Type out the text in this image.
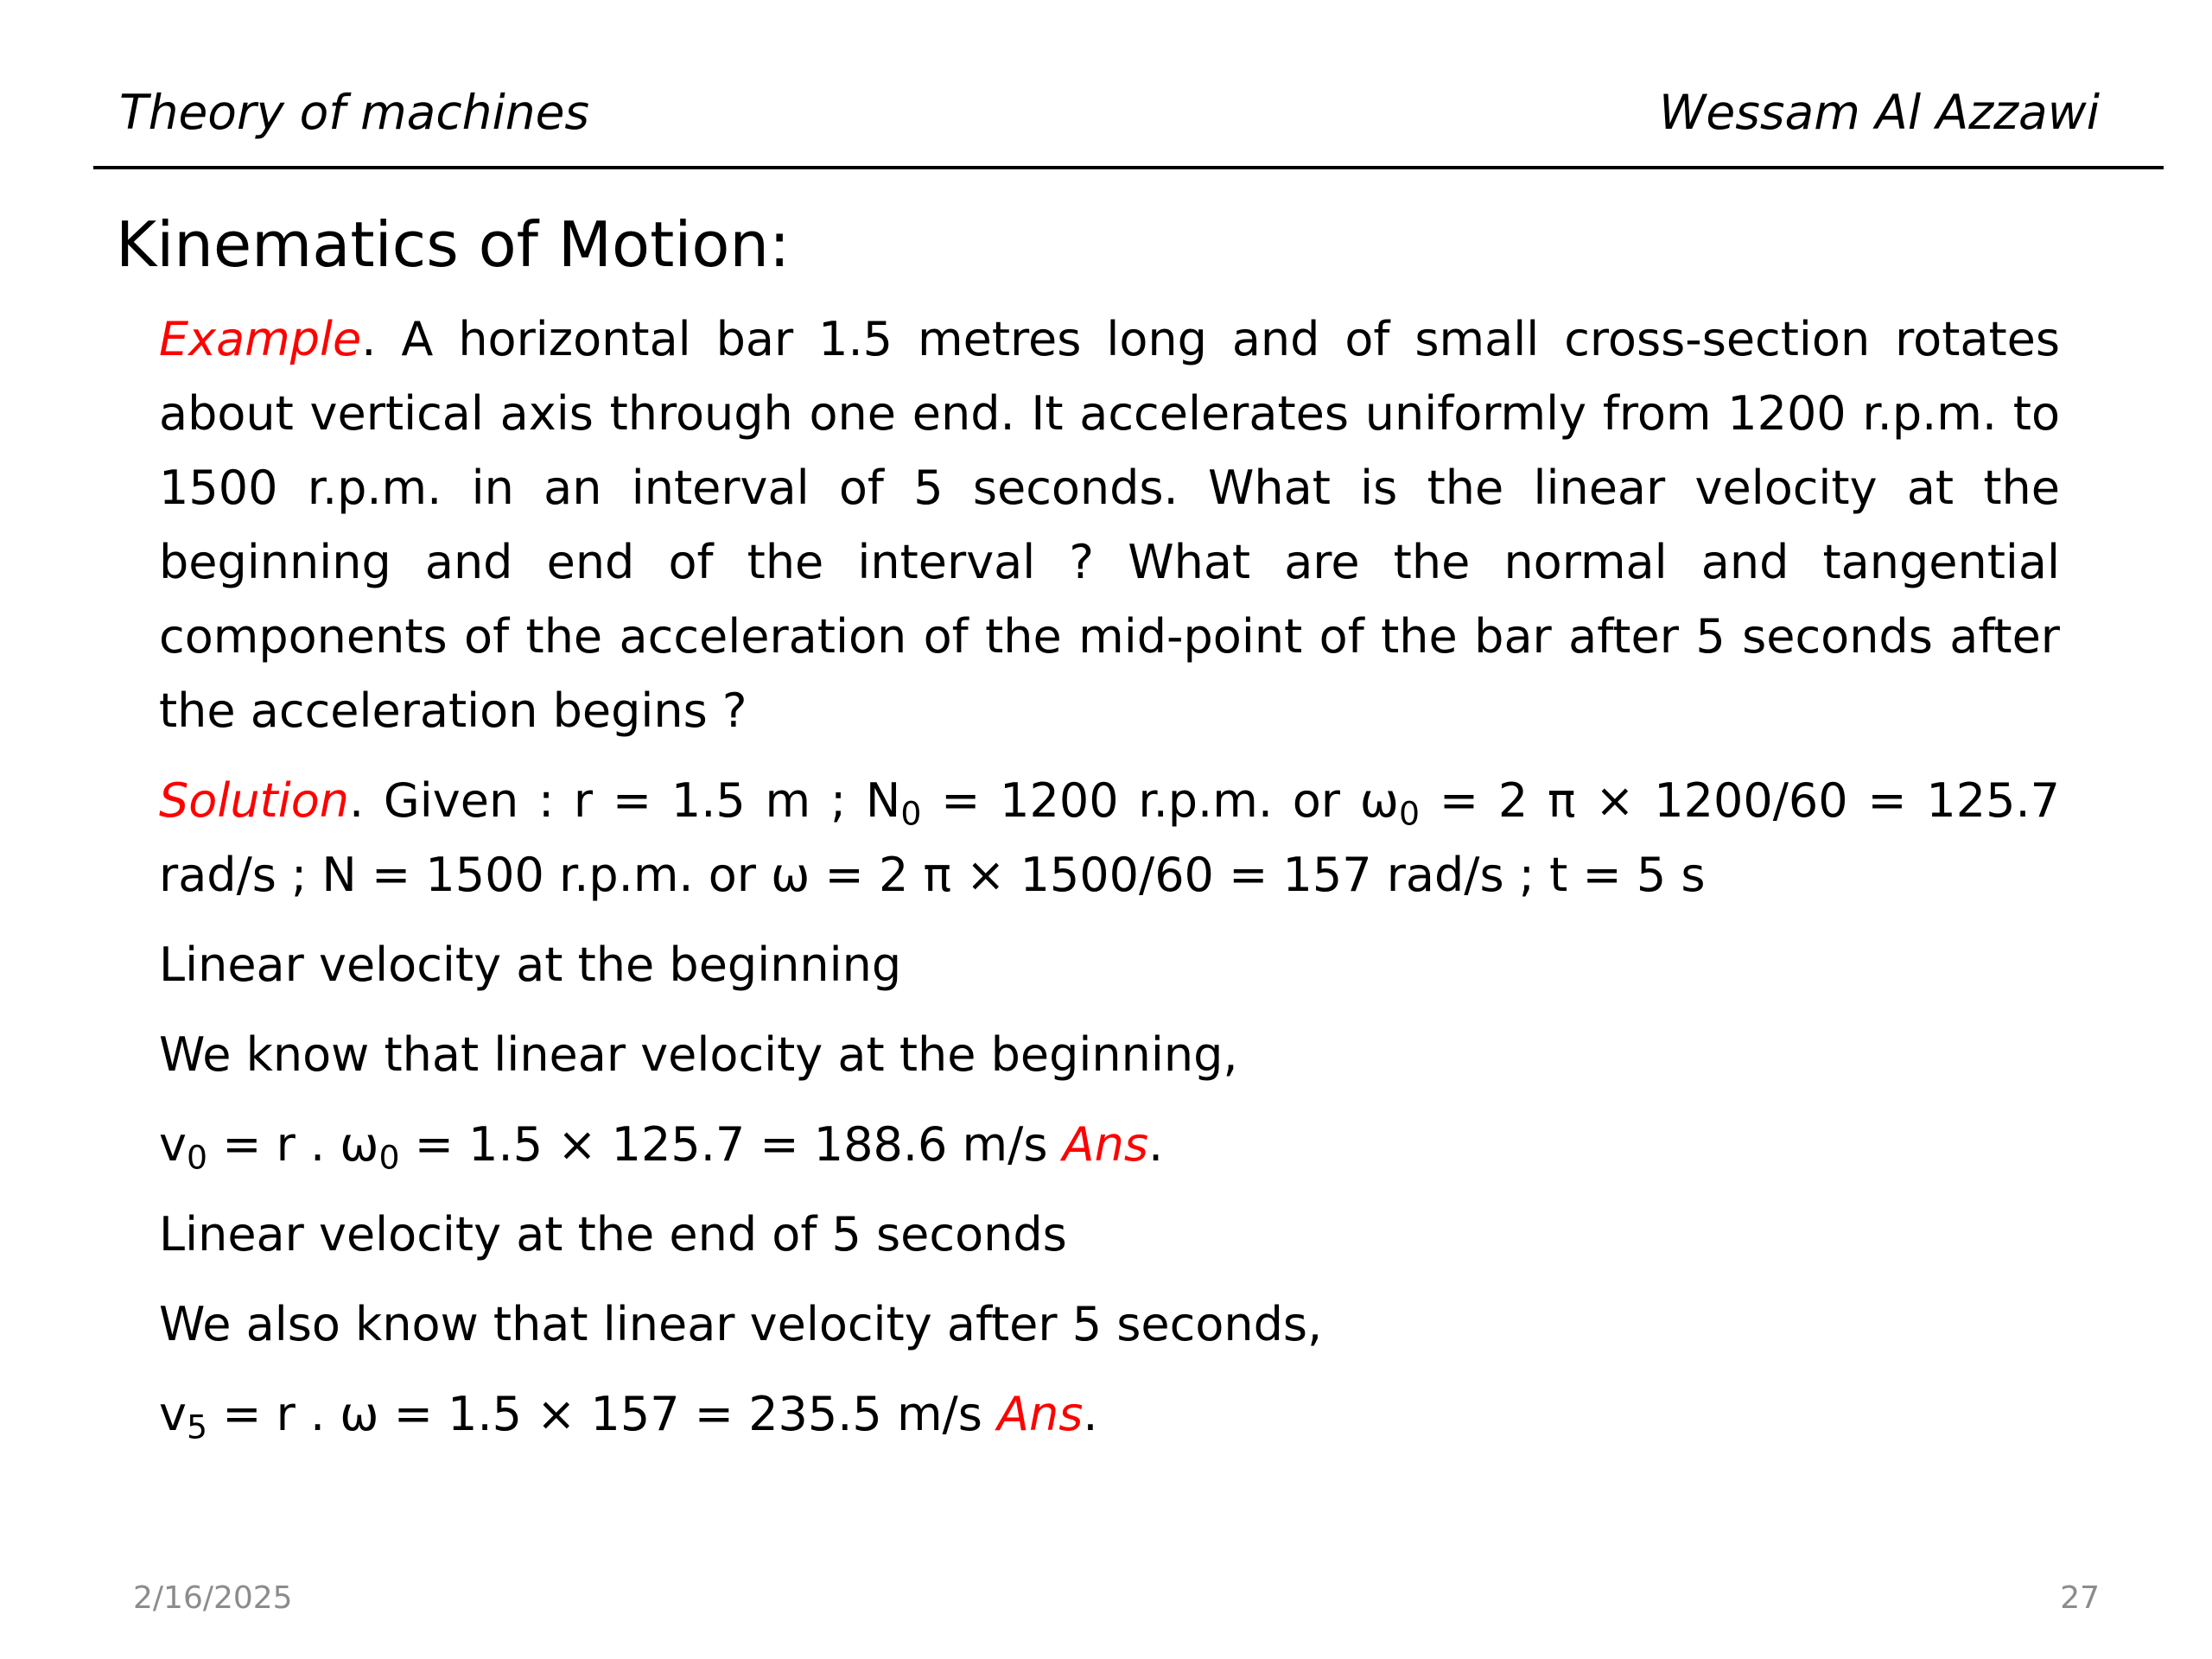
Theory of machines	Wessam Al Azzawi
Kinematics of Motion:

Example. A horizontal bar 1.5 metres long and of small cross-section rotates about vertical axis through one end. It accelerates uniformly from 1200 r.p.m. to 1500 r.p.m. in an interval of 5 seconds. What is the linear velocity at the beginning and end of the interval ? What are the normal and tangential components of the acceleration of the mid-point of the bar after 5 seconds after the acceleration begins ?

Solution. Given : r = 1.5 m ; $N_0 = 1200$ r.p.m. or $\omega_0 = 2$ π × 1200/60 = 125.7 rad/s ; N = 1500 r.p.m. or ω = 2 π × 1500/60 = 157 rad/s ; t = 5 s

Linear velocity at the beginning
We know that linear velocity at the beginning,
$v_0 = r$ . $\omega_0 = 1.5 \times 125.7 = 188.6$ m/s Ans.
Linear velocity at the end of 5 seconds
We also know that linear velocity after 5 seconds,
$v_5 = r$ . ω = 1.5 × 157 = 235.5 m/s Ans.
2/16/2025	27
